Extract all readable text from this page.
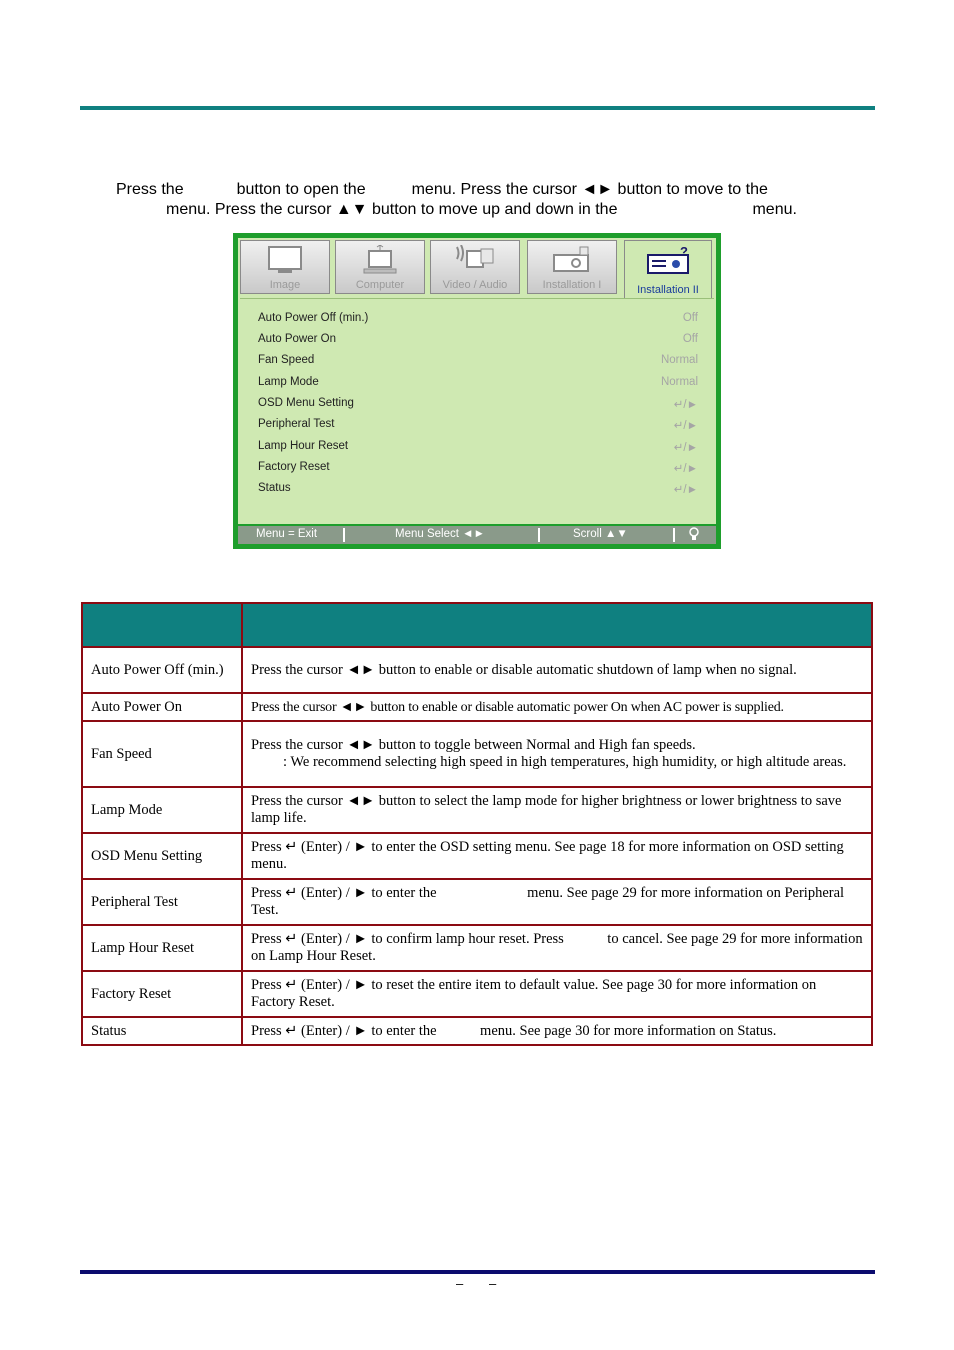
Press the	button to open the	menu. Press the cursor ◄► button to move to the
menu. Press the cursor ▲▼ button to move up and down in the	menu.
Image	Computer	Video / Audio	Installation I
?
Installation II
Auto Power Off (min.)	Off
Auto Power On	Off
Fan Speed	Normal
Lamp Mode	Normal
OSD Menu Setting	↵/►
Peripheral Test	↵/►
Lamp Hour Reset	↵/►
Factory Reset	↵/►
Status	↵/►
Menu = Exit	Menu Select ◄►	Scroll ▲▼

Auto Power Off (min.)	Press the cursor ◄► button to enable or disable automatic shutdown of lamp when no signal.
Auto Power On	Press the cursor ◄► button to enable or disable automatic power On when AC power is supplied.
Fan Speed	Press the cursor ◄► button to toggle between Normal and High fan speeds.
: We recommend selecting high speed in high temperatures, high humidity, or high altitude areas.

Lamp Mode	Press the cursor ◄► button to select the lamp mode for higher brightness or lower brightness to save lamp life.
OSD Menu Setting	Press ↵ (Enter) / ► to enter the OSD setting menu. See page 18 for more information on OSD setting menu.
Peripheral Test	Press ↵ (Enter) / ► to enter the                         menu. See page 29 for more information on Peripheral Test.
Lamp Hour Reset	Press ↵ (Enter) / ► to confirm lamp hour reset. Press            to cancel. See page 29 for more information on Lamp Hour Reset.
Factory Reset	Press ↵ (Enter) / ► to reset the entire item to default value. See page 30 for more information on Factory Reset.
Status	Press ↵ (Enter) / ► to enter the            menu. See page 30 for more information on Status.
– –
